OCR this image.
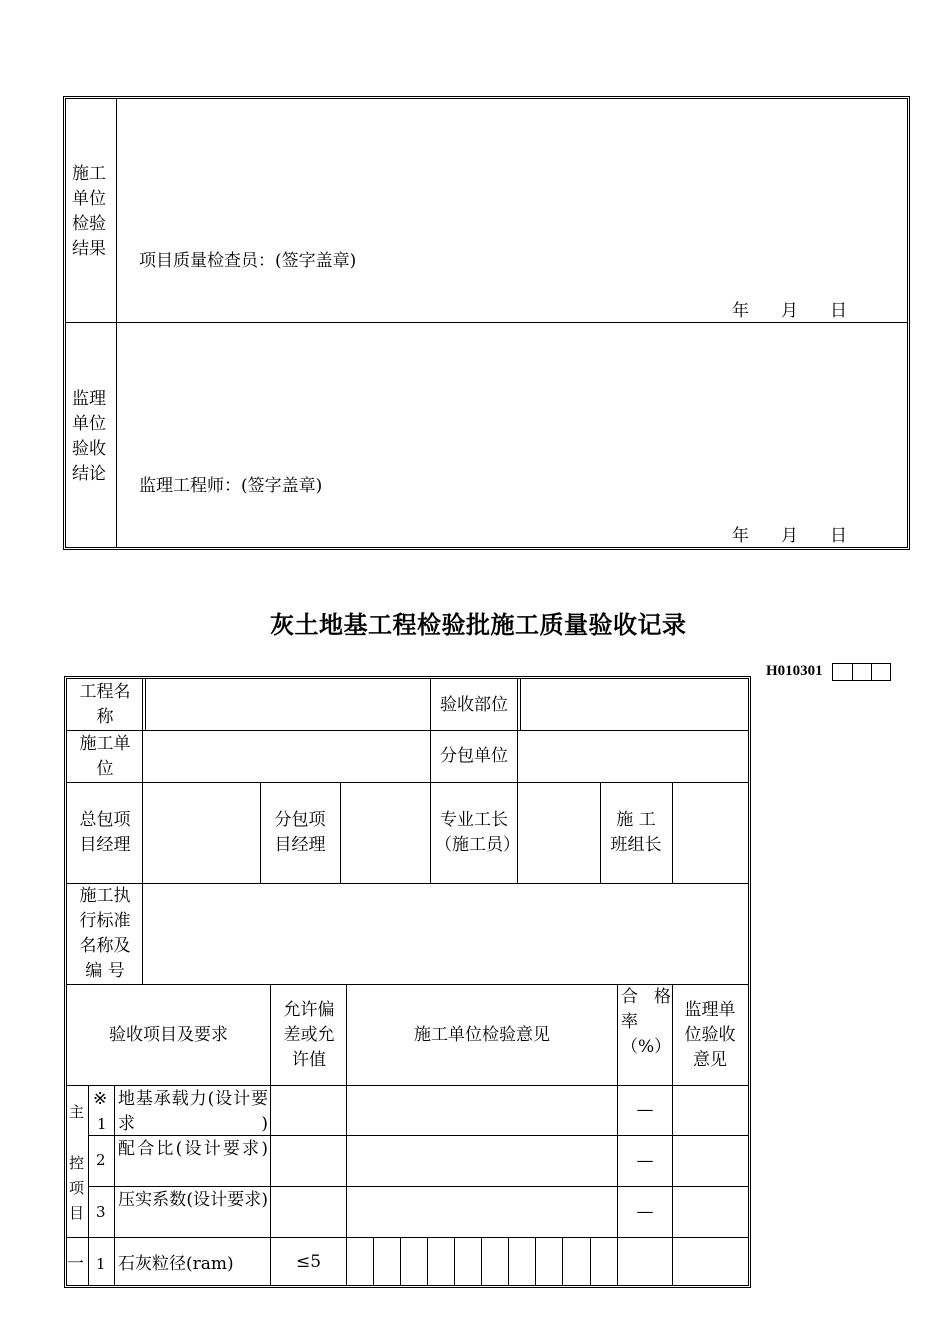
施工单位检验结果
项目质量检查员：(签字盖章)
年 月 日
监理单位验收结论
监理工程师：(签字盖章)
年 月 日
灰土地基工程检验批施工质量验收记录
H010301
工程名称
验收部位
施工单位
分包单位
总包项目经理
分包项目经理
专业工长（施工员）
施 工 班组长
施工执行标准名称及编 号
验收项目及要求
允许偏差或允许值
施工单位检验意见
合格率（%）
监理单位验收意见
主
控
项
目
※
1
地基承载力(设计要求)
—
2
配合比(设计要求)
—
3
压实系数(设计要求)
—
一 1 石灰粒径(ram)	≤5
